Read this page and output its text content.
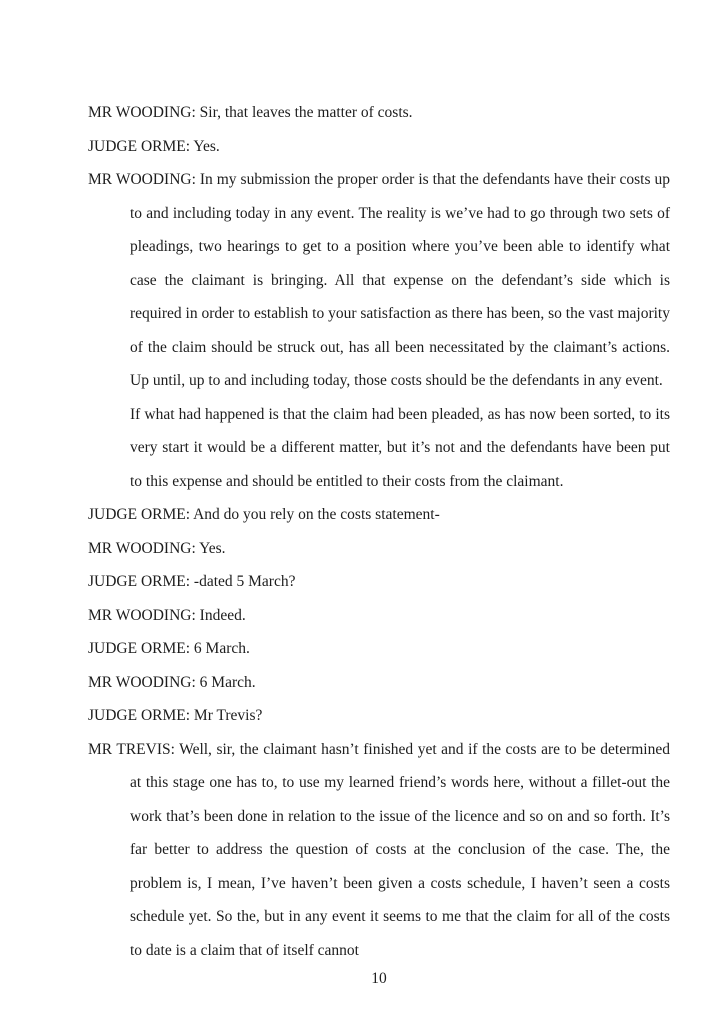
MR WOODING: Sir, that leaves the matter of costs.

JUDGE ORME: Yes.

MR WOODING: In my submission the proper order is that the defendants have their costs up to and including today in any event. The reality is we’ve had to go through two sets of pleadings, two hearings to get to a position where you’ve been able to identify what case the claimant is bringing. All that expense on the defendant’s side which is required in order to establish to your satisfaction as there has been, so the vast majority of the claim should be struck out, has all been necessitated by the claimant’s actions. Up until, up to and including today, those costs should be the defendants in any event.

If what had happened is that the claim had been pleaded, as has now been sorted, to its very start it would be a different matter, but it’s not and the defendants have been put to this expense and should be entitled to their costs from the claimant.

JUDGE ORME: And do you rely on the costs statement-

MR WOODING: Yes.

JUDGE ORME: -dated 5 March?

MR WOODING: Indeed.

JUDGE ORME: 6 March.

MR WOODING: 6 March.

JUDGE ORME: Mr Trevis?

MR TREVIS: Well, sir, the claimant hasn’t finished yet and if the costs are to be determined at this stage one has to, to use my learned friend’s words here, without a fillet-out the work that’s been done in relation to the issue of the licence and so on and so forth. It’s far better to address the question of costs at the conclusion of the case. The, the problem is, I mean, I’ve haven’t been given a costs schedule, I haven’t seen a costs schedule yet. So the, but in any event it seems to me that the claim for all of the costs to date is a claim that of itself cannot

10
